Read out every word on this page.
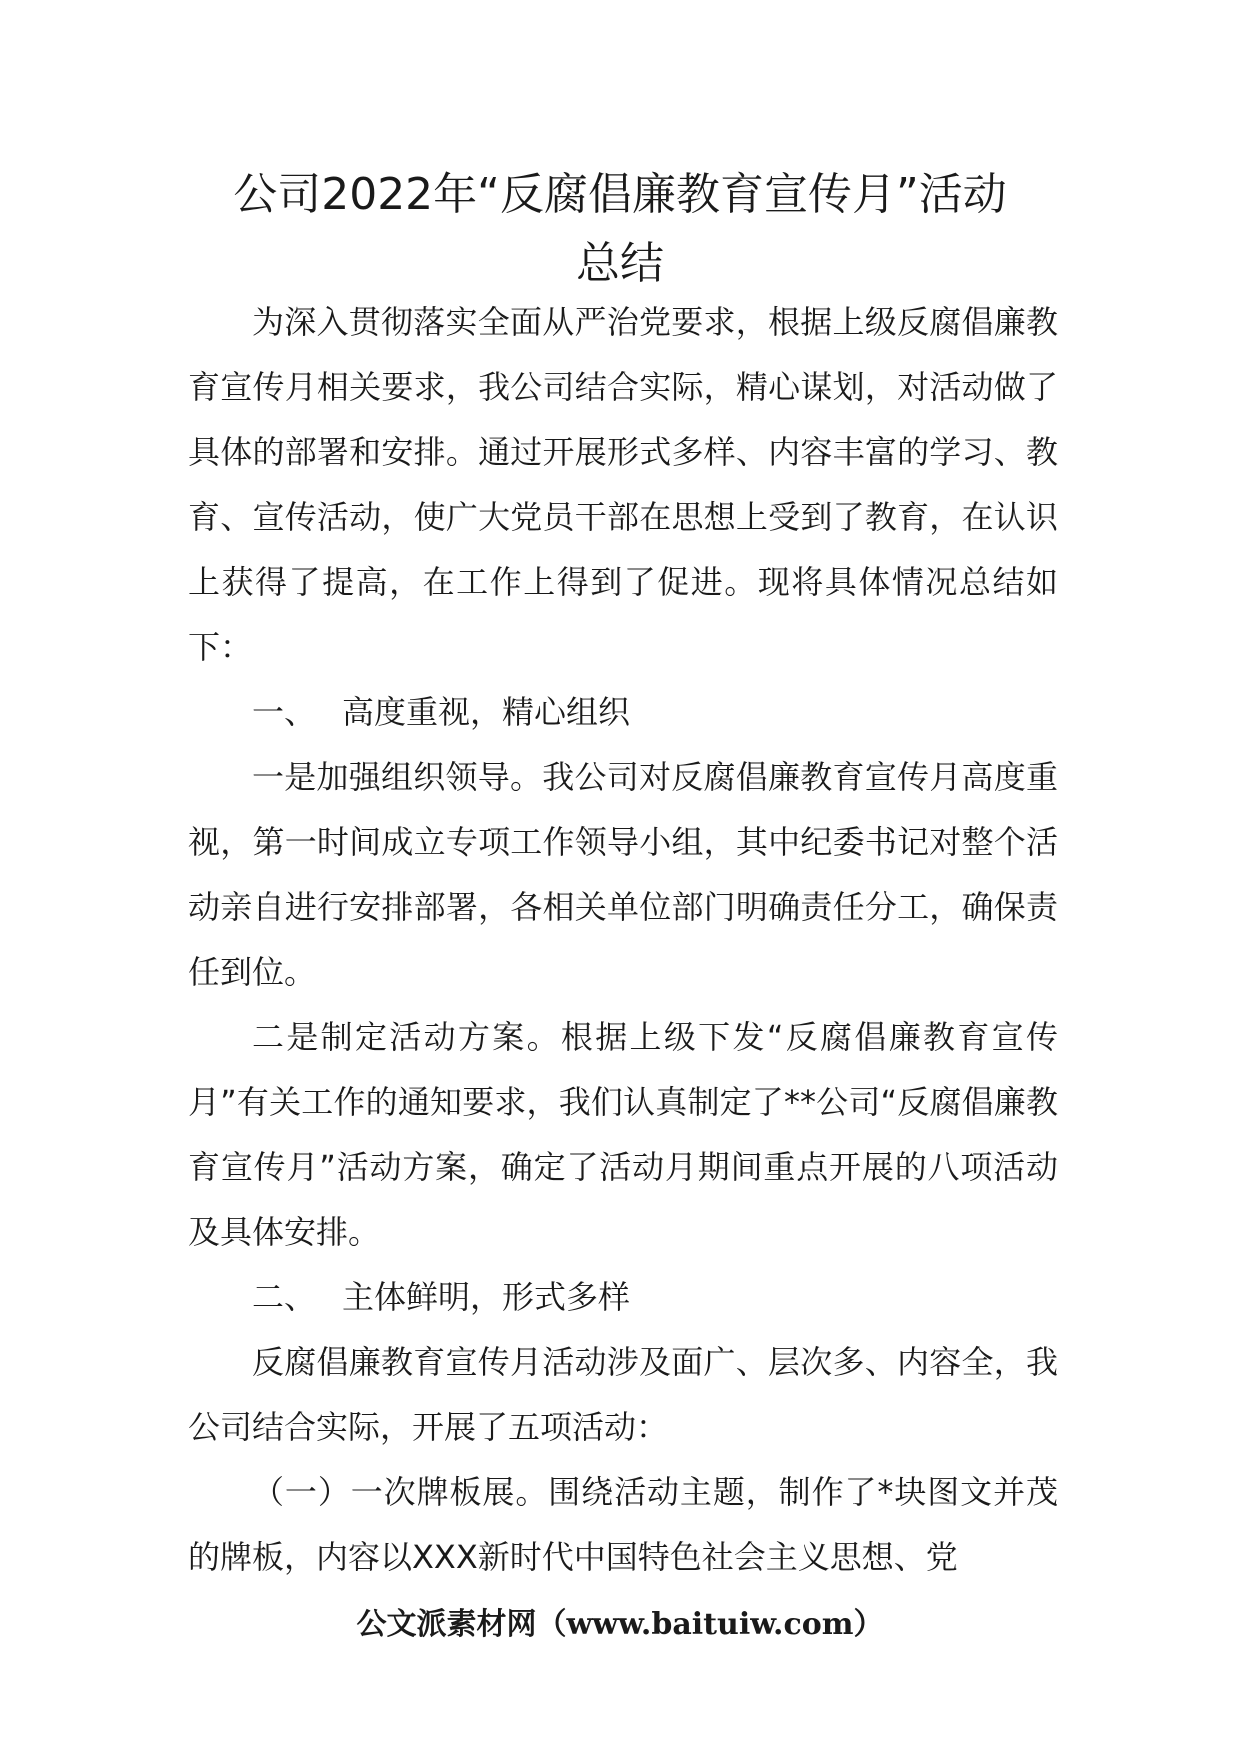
公司2022年“反腐倡廉教育宣传月”活动
总结

为深入贯彻落实全面从严治党要求，根据上级反腐倡廉教育宣传月相关要求，我公司结合实际，精心谋划，对活动做了具体的部署和安排。通过开展形式多样、内容丰富的学习、教育、宣传活动，使广大党员干部在思想上受到了教育，在认识上获得了提高，在工作上得到了促进。现将具体情况总结如下：

一、 高度重视，精心组织

一是加强组织领导。我公司对反腐倡廉教育宣传月高度重视，第一时间成立专项工作领导小组，其中纪委书记对整个活动亲自进行安排部署，各相关单位部门明确责任分工，确保责任到位。

二是制定活动方案。根据上级下发“反腐倡廉教育宣传月”有关工作的通知要求，我们认真制定了**公司“反腐倡廉教育宣传月”活动方案，确定了活动月期间重点开展的八项活动及具体安排。

二、 主体鲜明，形式多样

反腐倡廉教育宣传月活动涉及面广、层次多、内容全，我公司结合实际，开展了五项活动：

（一）一次牌板展。围绕活动主题，制作了*块图文并茂的牌板，内容以XXX新时代中国特色社会主义思想、党

公文派素材网（www.baituiw.com）
